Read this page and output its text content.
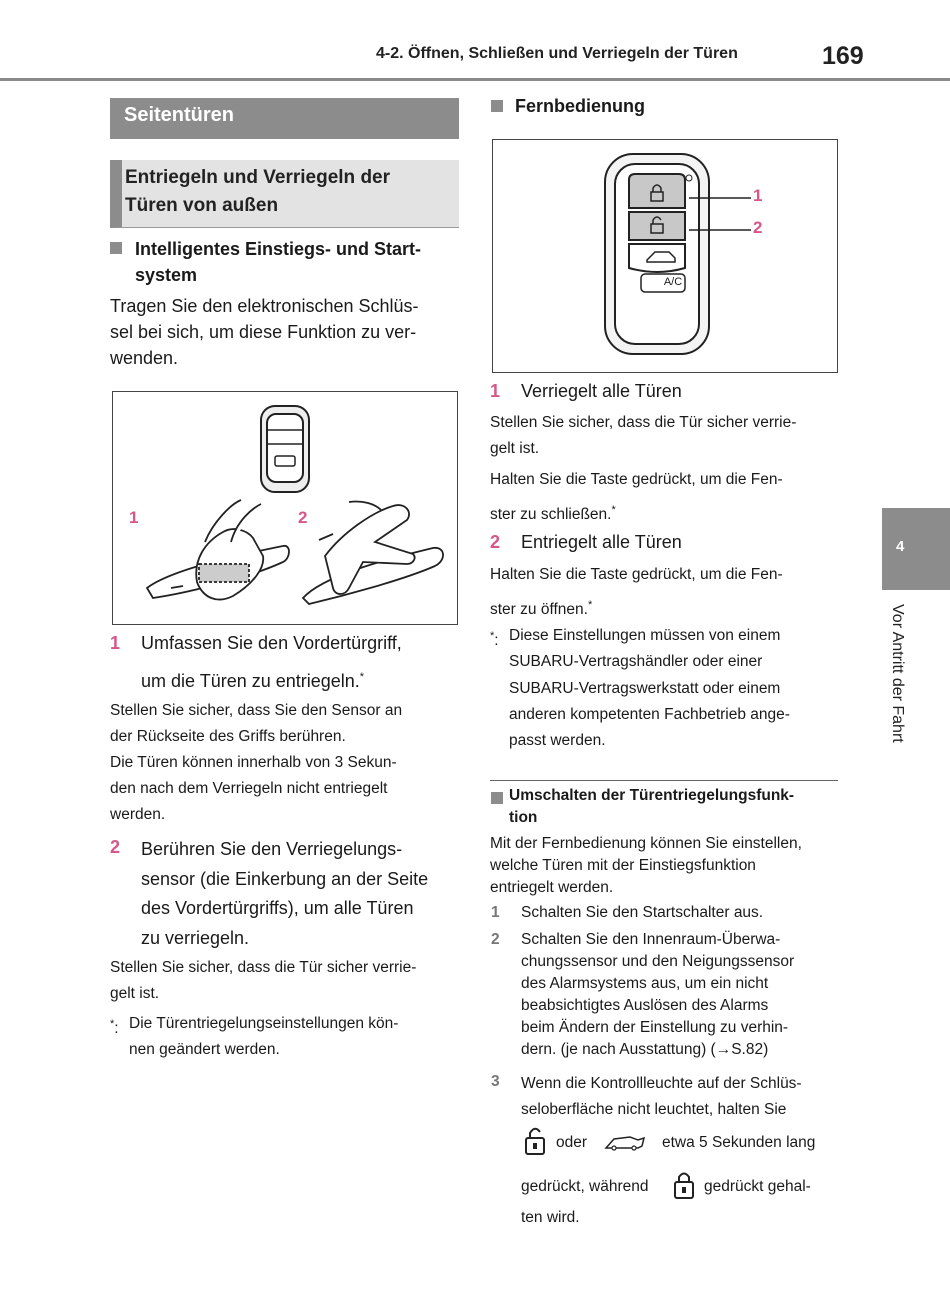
4-2. Öffnen, Schließen und Verriegeln der Türen	169
4
Vor Antritt der Fahrt
Seitentüren
Entriegeln und Verriegeln der Türen von außen
Intelligentes Einstiegs- und Start-
system
Tragen Sie den elektronischen Schlüs-
sel bei sich, um diese Funktion zu ver-
wenden.
1	2
1 Umfassen Sie den Vordertürgriff,
um die Türen zu entriegeln.*
Stellen Sie sicher, dass Sie den Sensor an
der Rückseite des Griffs berühren.
Die Türen können innerhalb von 3 Sekun-
den nach dem Verriegeln nicht entriegelt
werden.
2 Berühren Sie den Verriegelungs-
sensor (die Einkerbung an der Seite
des Vordertürgriffs), um alle Türen
zu verriegeln.
Stellen Sie sicher, dass die Tür sicher verrie-
gelt ist.
*: Die Türentriegelungseinstellungen kön-
nen geändert werden.
Fernbedienung
A/C
1
2
1 Verriegelt alle Türen
Stellen Sie sicher, dass die Tür sicher verrie-
gelt ist.
Halten Sie die Taste gedrückt, um die Fen-
ster zu schließen.*
2 Entriegelt alle Türen
Halten Sie die Taste gedrückt, um die Fen-
ster zu öffnen.*
*: Diese Einstellungen müssen von einem
SUBARU-Vertragshändler oder einer
SUBARU-Vertragswerkstatt oder einem
anderen kompetenten Fachbetrieb ange-
passt werden.
Umschalten der Türentriegelungsfunk-
tion
Mit der Fernbedienung können Sie einstellen,
welche Türen mit der Einstiegsfunktion
entriegelt werden.
1 Schalten Sie den Startschalter aus.
2 Schalten Sie den Innenraum-Überwa-
chungssensor und den Neigungssensor
des Alarmsystems aus, um ein nicht
beabsichtigtes Auslösen des Alarms
beim Ändern der Einstellung zu verhin-
dern. (je nach Ausstattung) (→S.82)
3 Wenn die Kontrollleuchte auf der Schlüs-
seloberfläche nicht leuchtet, halten Sie
oder	etwa 5 Sekunden lang
gedrückt, während	gedrückt gehal-
ten wird.
